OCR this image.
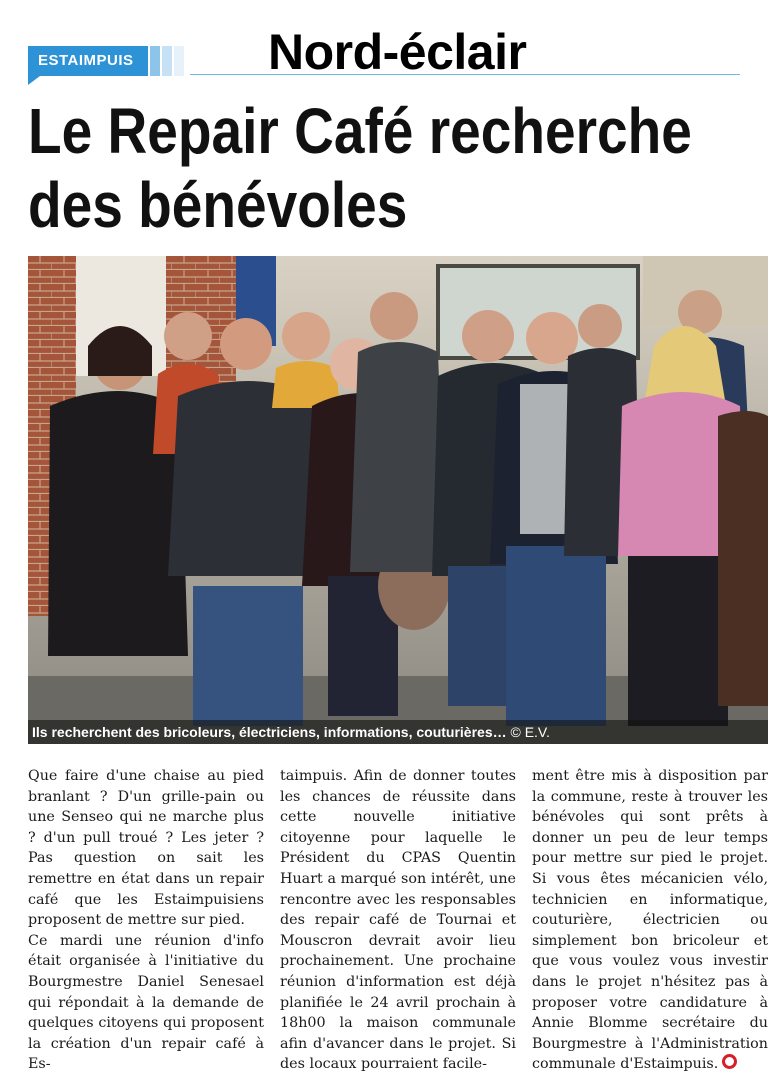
ESTAIMPUIS	Nord-éclair
Le Repair Café recherche
des bénévoles
Ils recherchent des bricoleurs, électriciens, informations, couturières… © E.V.

Que faire d'une chaise au pied branlant ? D'un grille-pain ou une Senseo qui ne marche plus ? d'un pull troué ? Les jeter ? Pas question on sait les remettre en état dans un repair café que les Estaimpuisiens proposent de mettre sur pied.

Ce mardi une réunion d'info était organisée à l'initiative du Bourgmestre Daniel Senesael qui répondait à la demande de quelques citoyens qui proposent la création d'un repair café à Es-

taimpuis. Afin de donner toutes les chances de réussite dans cette nouvelle initiative citoyenne pour laquelle le Président du CPAS Quentin Huart a marqué son intérêt, une rencontre avec les responsables des repair café de Tournai et Mouscron devrait avoir lieu prochainement. Une prochaine réunion d'information est déjà planifiée le 24 avril prochain à 18h00 la maison communale afin d'avancer dans le projet. Si des locaux pourraient facile-

ment être mis à disposition par la commune, reste à trouver les bénévoles qui sont prêts à donner un peu de leur temps pour mettre sur pied le projet. Si vous êtes mécanicien vélo, technicien en informatique, couturière, électricien ou simplement bon bricoleur et que vous voulez vous investir dans le projet n'hésitez pas à proposer votre candidature à Annie Blomme secrétaire du Bourgmestre à l'Administration communale d'Estaimpuis.
